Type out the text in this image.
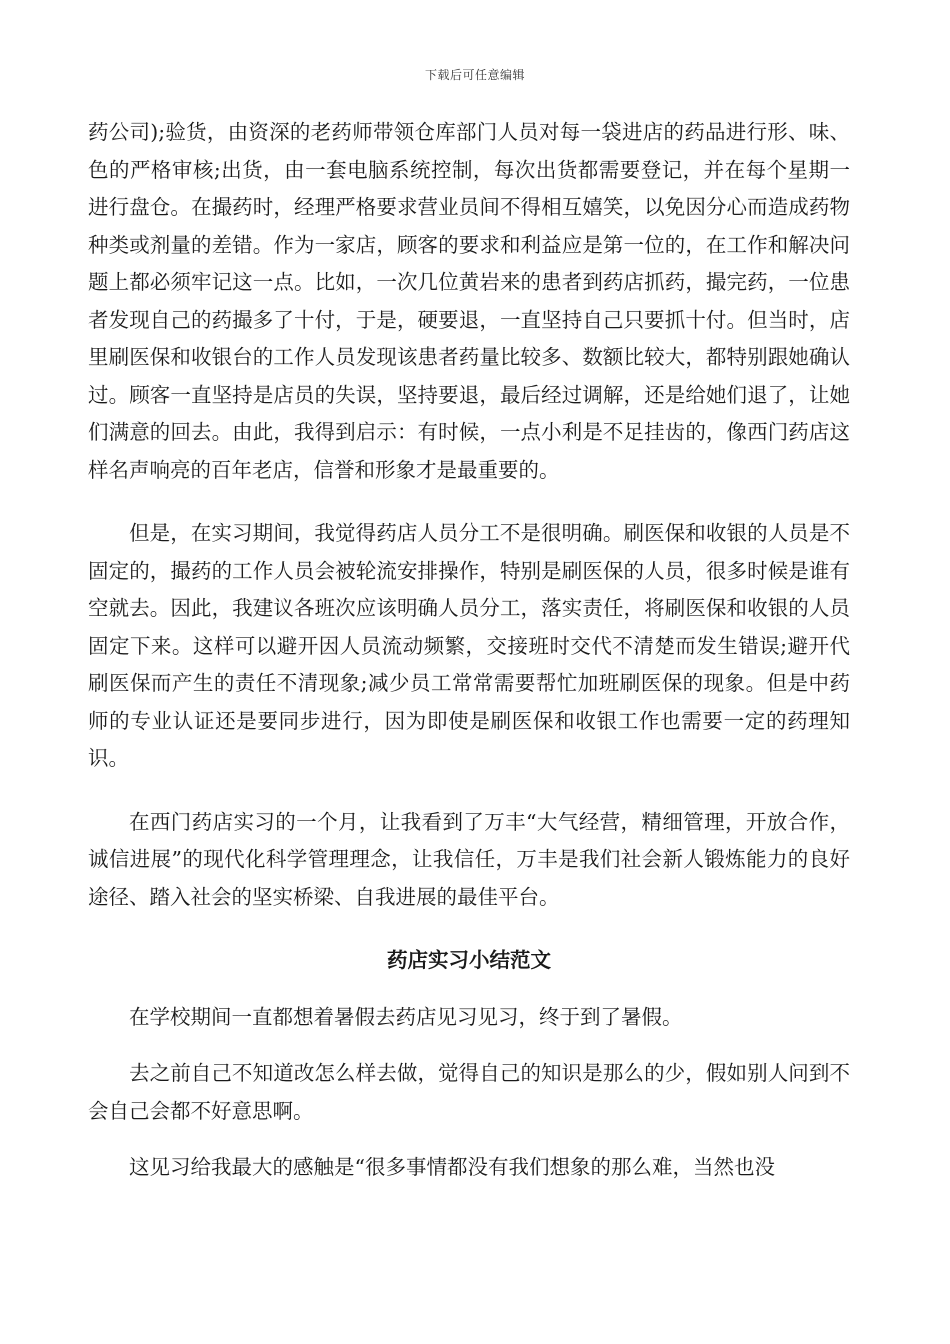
下载后可任意编辑

药公司);验货，由资深的老药师带领仓库部门人员对每一袋进店的药品进行形、味、色的严格审核;出货，由一套电脑系统控制，每次出货都需要登记，并在每个星期一进行盘仓。在撮药时，经理严格要求营业员间不得相互嬉笑，以免因分心而造成药物种类或剂量的差错。作为一家店，顾客的要求和利益应是第一位的，在工作和解决问题上都必须牢记这一点。比如，一次几位黄岩来的患者到药店抓药，撮完药，一位患者发现自己的药撮多了十付，于是，硬要退，一直坚持自己只要抓十付。但当时，店里刷医保和收银台的工作人员发现该患者药量比较多、数额比较大，都特别跟她确认过。顾客一直坚持是店员的失误，坚持要退，最后经过调解，还是给她们退了，让她们满意的回去。由此，我得到启示：有时候，一点小利是不足挂齿的，像西门药店这样名声响亮的百年老店，信誉和形象才是最重要的。

但是，在实习期间，我觉得药店人员分工不是很明确。刷医保和收银的人员是不固定的，撮药的工作人员会被轮流安排操作，特别是刷医保的人员，很多时候是谁有空就去。因此，我建议各班次应该明确人员分工，落实责任，将刷医保和收银的人员固定下来。这样可以避开因人员流动频繁，交接班时交代不清楚而发生错误;避开代刷医保而产生的责任不清现象;减少员工常常需要帮忙加班刷医保的现象。但是中药师的专业认证还是要同步进行，因为即使是刷医保和收银工作也需要一定的药理知识。

在西门药店实习的一个月，让我看到了万丰“大气经营，精细管理，开放合作，诚信进展”的现代化科学管理理念，让我信任，万丰是我们社会新人锻炼能力的良好途径、踏入社会的坚实桥梁、自我进展的最佳平台。

药店实习小结范文

在学校期间一直都想着暑假去药店见习见习，终于到了暑假。

去之前自己不知道改怎么样去做，觉得自己的知识是那么的少，假如别人问到不会自己会都不好意思啊。

这见习给我最大的感触是“很多事情都没有我们想象的那么难，当然也没
